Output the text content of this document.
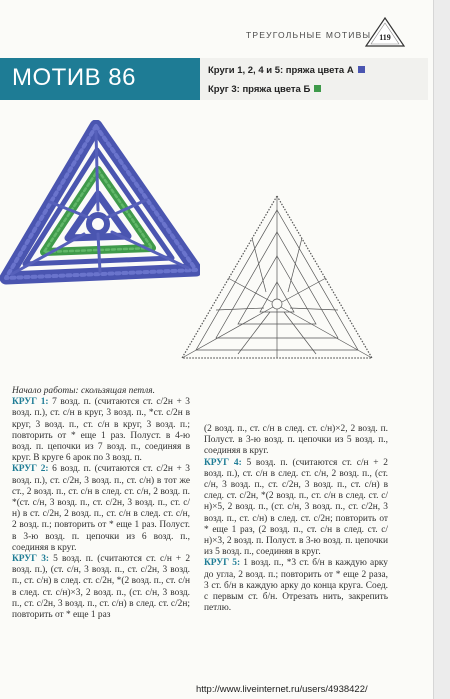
ТРЕУГОЛЬНЫЕ МОТИВЫ	119
МОТИВ 86	Круги 1, 2, 4 и 5: пряжа цвета А
Круг 3: пряжа цвета Б

Начало работы: скользящая петля.

КРУГ 1: 7 возд. п. (считаются ст. с/2н + 3 возд. п.), ст. с/н в круг, 3 возд. п., *ст. с/2н в круг, 3 возд. п., ст. с/н в круг, 3 возд. п.; повторить от * еще 1 раз. Полуст. в 4-ю возд. п. цепочки из 7 возд. п., соединяя в круг. В круге 6 арок по 3 возд. п.

КРУГ 2: 6 возд. п. (считаются ст. с/2н + 3 возд. п.), ст. с/2н, 3 возд. п., ст. с/н) в тот же ст., 2 возд. п., ст. с/н в след. ст. с/н, 2 возд. п. *(ст. с/н, 3 возд. п., ст. с/2н, 3 возд. п., ст. с/н) в ст. с/2н, 2 возд. п., ст. с/н в след. ст. с/н, 2 возд. п.; повторить от * еще 1 раз. Полуст. в 3-ю возд. п. цепочки из 6 возд. п., соединяя в круг.

КРУГ 3: 5 возд. п. (считаются ст. с/н + 2 возд. п.), (ст. с/н, 3 возд. п., ст. с/2н, 3 возд. п., ст. с/н) в след. ст. с/2н, *(2 возд. п., ст. с/н в след. ст. с/н)×3, 2 возд. п., (ст. с/н, 3 возд. п., ст. с/2н, 3 возд. п., ст. с/н) в след. ст. с/2н; повторить от * еще 1 раз

(2 возд. п., ст. с/н в след. ст. с/н)×2, 2 возд. п. Полуст. в 3-ю возд. п. цепочки из 5 возд. п., соединяя в круг.

КРУГ 4: 5 возд. п. (считаются ст. с/н + 2 возд. п.), ст. с/н в след. ст. с/н, 2 возд. п., (ст. с/н, 3 возд. п., ст. с/2н, 3 возд. п., ст. с/н) в след. ст. с/2н, *(2 возд. п., ст. с/н в след. ст. с/н)×5, 2 возд. п., (ст. с/н, 3 возд. п., ст. с/2н, 3 возд. п., ст. с/н) в след. ст. с/2н; повторить от * еще 1 раз, (2 возд. п., ст. с/н в след. ст. с/н)×3, 2 возд. п. Полуст. в 3-ю возд. п. цепочки из 5 возд. п., соединяя в круг.

КРУГ 5: 1 возд. п., *3 ст. б/н в каждую арку до угла, 2 возд. п.; повторить от * еще 2 раза, 3 ст. б/н в каждую арку до конца круга. Соед. с первым ст. б/н. Отрезать нить, закрепить петлю.

http://www.liveinternet.ru/users/4938422/
